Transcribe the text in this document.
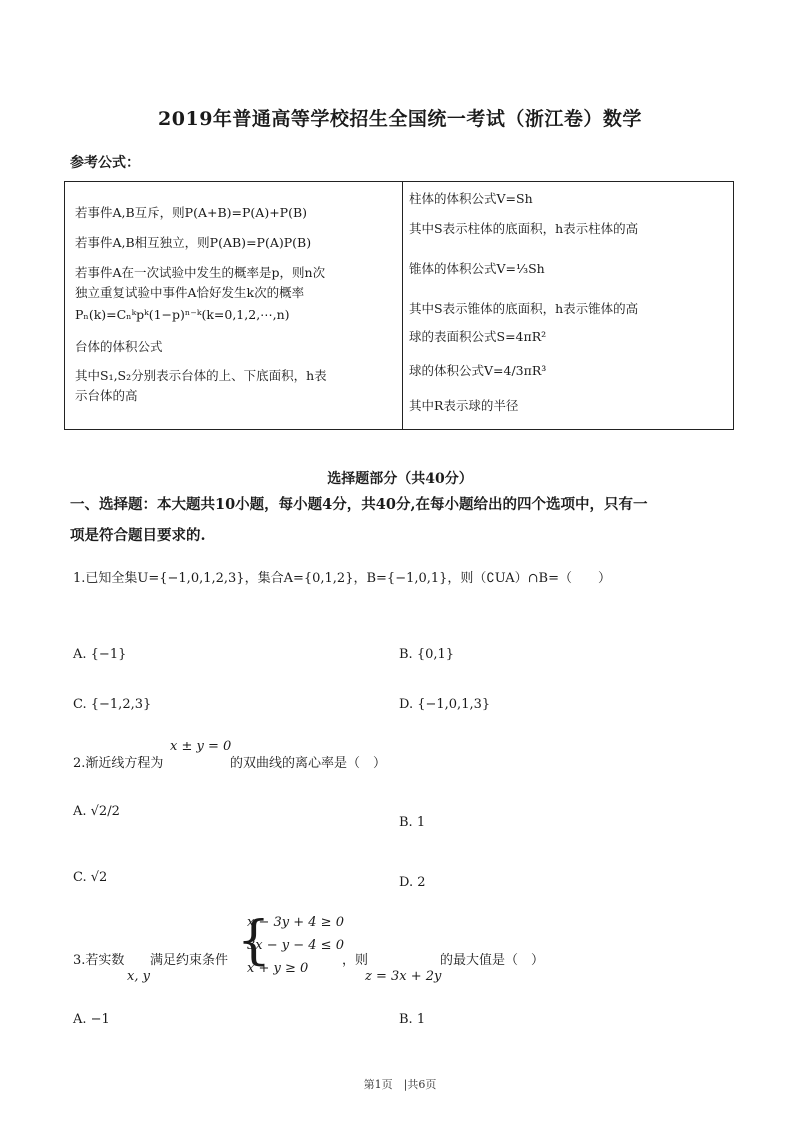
2019年普通高等学校招生全国统一考试（浙江卷）数学
参考公式：
若事件A,B互斥，则P(A+B)=P(A)+P(B)
若事件A,B相互独立，则P(AB)=P(A)P(B)
若事件A在一次试验中发生的概率是p，则n次
独立重复试验中事件A恰好发生k次的概率
Pₙ(k)=Cₙᵏpᵏ(1−p)ⁿ⁻ᵏ(k=0,1,2,⋯,n)
台体的体积公式
其中S₁,S₂分别表示台体的上、下底面积，h表
示台体的高
柱体的体积公式V=Sh
其中S表示柱体的底面积，h表示柱体的高
锥体的体积公式V=⅓Sh
其中S表示锥体的底面积，h表示锥体的高
球的表面积公式S=4πR²
球的体积公式V=4/3πR³
其中R表示球的半径
选择题部分（共40分）
一、选择题：本大题共10小题，每小题4分，共40分,在每小题给出的四个选项中，只有一
项是符合题目要求的.
1.已知全集U={−1,0,1,2,3}，集合A={0,1,2}，B={−1,0,1}，则（∁UA）∩B=（　　）
A. {−1}	B. {0,1}
C. {−1,2,3}	D. {−1,0,1,3}
2.渐近线方程为
x ± y = 0
的双曲线的离心率是（　）
A. √2/2
B. 1
C. √2	D. 2
3.若实数
x, y
满足约束条件 {
x − 3y + 4 ≥ 0
3x − y − 4 ≤ 0
x + y ≥ 0
，则
z = 3x + 2y
的最大值是（　）
A. −1	B. 1
第1页　|共6页
